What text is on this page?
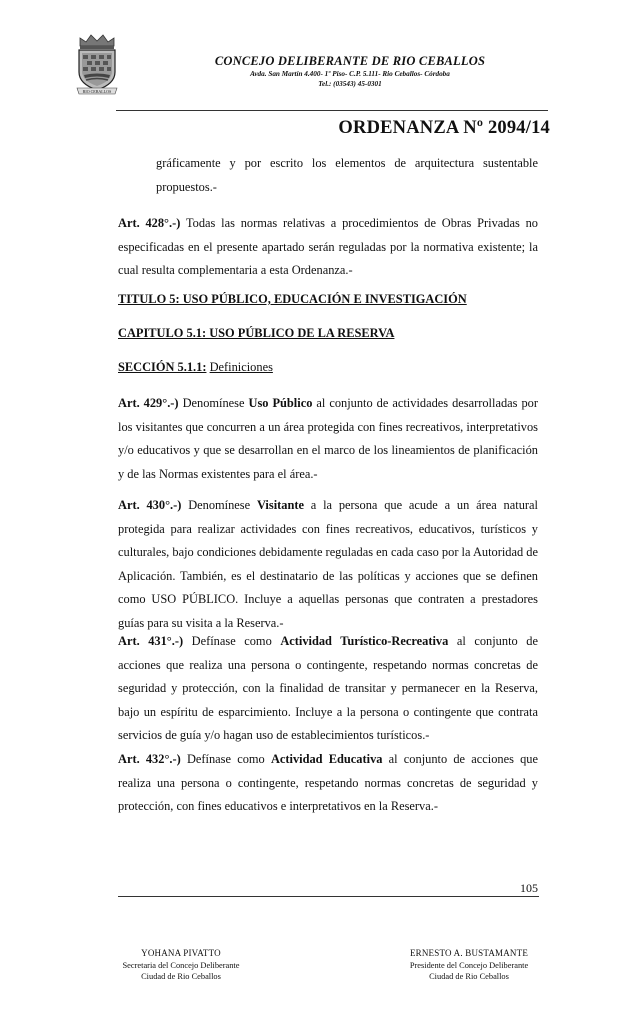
RIO CEBALLOS
CONCEJO DELIBERANTE DE RIO CEBALLOS
Avda. San Martín 4.400- 1º Piso- C.P. 5.111- Rio Ceballos- Córdoba
Tel.: (03543) 45-0301
ORDENANZA Nº 2094/14
gráficamente y por escrito los elementos de arquitectura sustentable propuestos.-
Art. 428°.-) Todas las normas relativas a procedimientos de Obras Privadas no especificadas en el presente apartado serán reguladas por la normativa existente; la cual resulta complementaria a esta Ordenanza.-
TITULO 5: USO PÚBLICO, EDUCACIÓN E INVESTIGACIÓN
CAPITULO 5.1: USO PÚBLICO DE LA RESERVA
SECCIÓN 5.1.1: Definiciones
Art. 429°.-) Denomínese Uso Público al conjunto de actividades desarrolladas por los visitantes que concurren a un área protegida con fines recreativos, interpretativos y/o educativos y que se desarrollan en el marco de los lineamientos de planificación y de las Normas existentes para el área.-
Art. 430°.-) Denomínese Visitante a la persona que acude a un área natural protegida para realizar actividades con fines recreativos, educativos, turísticos y culturales, bajo condiciones debidamente reguladas en cada caso por la Autoridad de Aplicación. También, es el destinatario de las políticas y acciones que se definen como USO PÚBLICO. Incluye a aquellas personas que contraten a prestadores guías para su visita a la Reserva.-
Art. 431°.-) Defínase como Actividad Turístico-Recreativa al conjunto de acciones que realiza una persona o contingente, respetando normas concretas de seguridad y protección, con la finalidad de transitar y permanecer en la Reserva, bajo un espíritu de esparcimiento. Incluye a la persona o contingente que contrata servicios de guía y/o hagan uso de establecimientos turísticos.-
Art. 432°.-) Defínase como Actividad Educativa al conjunto de acciones que realiza una persona o contingente, respetando normas concretas de seguridad y protección, con fines educativos e interpretativos en la Reserva.-
105
YOHANA PIVATTO
Secretaria del Concejo Deliberante
Ciudad de Rio Ceballos
ERNESTO A. BUSTAMANTE
Presidente del Concejo Deliberante
Ciudad de Rio Ceballos
